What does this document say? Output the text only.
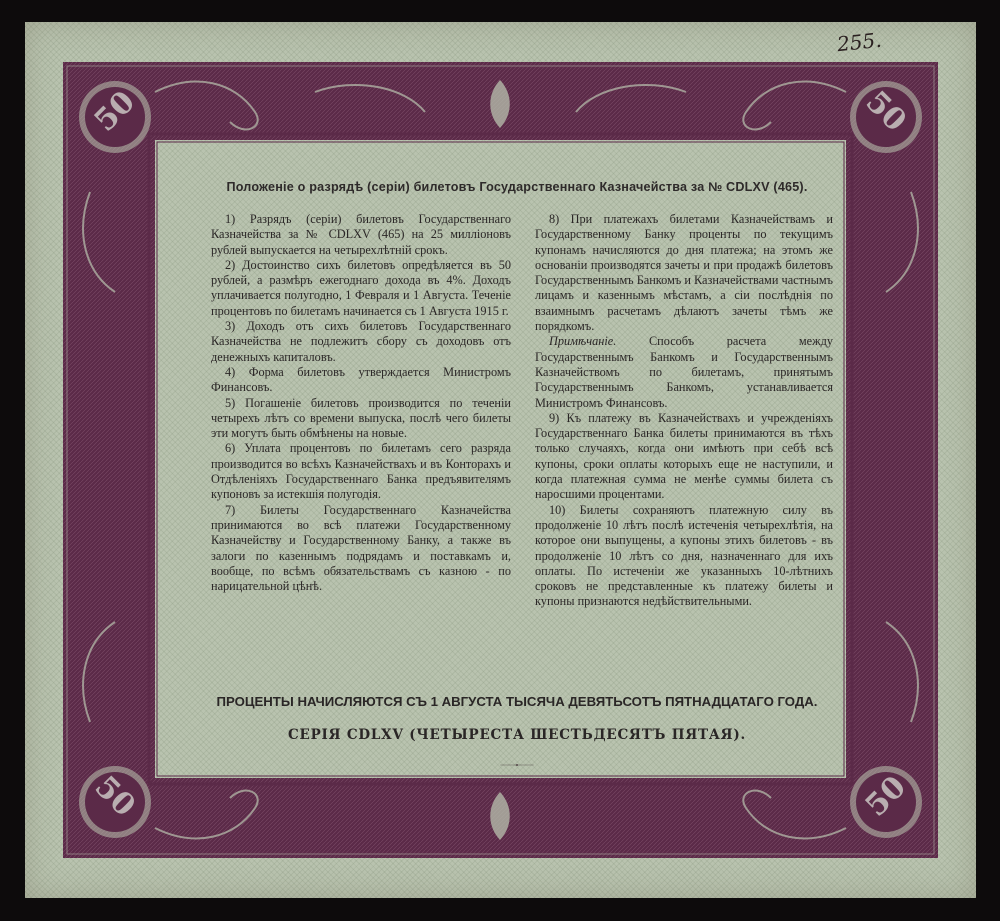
50	50
50	50
255.
Положенiе о разрядѣ (серiи) билетовъ Государственнаго Казначейства за № CDLXV (465).

1) Разрядъ (серiи) билетовъ Государственнаго Казначейства за № CDLXV (465) на 25 миллiоновъ рублей выпускается на четырехлѣтнiй срокъ.

2) Достоинство сихъ билетовъ опредѣляется въ 50 рублей, а размѣръ ежегоднаго дохода въ 4%. Доходъ уплачивается полугодно, 1 Февраля и 1 Августа. Теченiе процентовъ по билетамъ начинается съ 1 Августа 1915 г.

3) Доходъ отъ сихъ билетовъ Государственнаго Казначейства не подлежитъ сбору съ доходовъ отъ денежныхъ капиталовъ.

4) Форма билетовъ утверждается Министромъ Финансовъ.

5) Погашенiе билетовъ производится по теченiи четырехъ лѣтъ со времени выпуска, послѣ чего билеты эти могутъ быть обмѣнены на новые.

6) Уплата процентовъ по билетамъ сего разряда производится во всѣхъ Казначействахъ и въ Конторахъ и Отдѣленiяхъ Государственнаго Банка предъявителямъ купоновъ за истекшiя полугодiя.

7) Билеты Государственнаго Казначейства принимаются во всѣ платежи Государственному Казначейству и Государственному Банку, а также въ залоги по казеннымъ подрядамъ и поставкамъ и, вообще, по всѣмъ обязательствамъ съ казною - по нарицательной цѣнѣ.

8) При платежахъ билетами Казначействамъ и Государственному Банку проценты по текущимъ купонамъ начисляются до дня платежа; на этомъ же основанiи производятся зачеты и при продажѣ билетовъ Государственнымъ Банкомъ и Казначействами частнымъ лицамъ и казеннымъ мѣстамъ, а сiи послѣднiя по взаимнымъ расчетамъ дѣлаютъ зачеты тѣмъ же порядкомъ.

Примѣчанiе.	Способъ расчета между Государственнымъ Банкомъ и Государственнымъ Казначействомъ по билетамъ, принятымъ Государственнымъ Банкомъ, устанавливается Министромъ Финансовъ.

9) Къ платежу въ Казначействахъ и учрежденiяхъ Государственнаго Банка билеты принимаются въ тѣхъ только случаяхъ, когда они имѣютъ при себѣ всѣ купоны, сроки оплаты которыхъ еще не наступили, и когда платежная сумма не менѣе суммы билета съ наросшими процентами.

10) Билеты сохраняютъ платежную силу въ продолженiе 10 лѣтъ послѣ истеченiя четырехлѣтiя, на которое они выпущены, а купоны этихъ билетовъ - въ продолженiе 10 лѣтъ со дня, назначеннаго для ихъ оплаты. По истеченiи же указанныхъ 10-лѣтнихъ сроковъ не представленные къ платежу билеты и купоны признаются недѣйствительными.

ПРОЦЕНТЫ НАЧИСЛЯЮТСЯ СЪ 1 АВГУСТА ТЫСЯЧА ДЕВЯТЬСОТЪ ПЯТНАДЦАТАГО ГОДА.
СЕРIЯ CDLXV (ЧЕТЫРЕСТА ШЕСТЬДЕСЯТЪ ПЯТАЯ).
